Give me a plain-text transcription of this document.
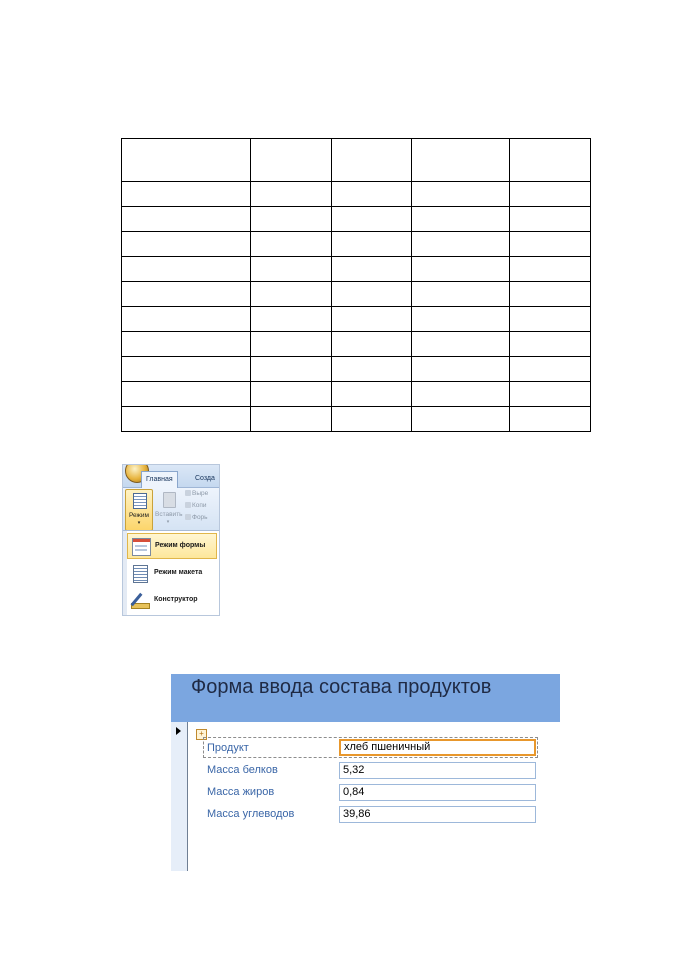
Главная	Созда
Режим
▾
Вставить
▾
Выре
Копи
Форь
Режим формы
Режим макета
Конструктор
Форма ввода состава продуктов
+
Продукт	хлеб пшеничный
Масса белков	5,32
Масса жиров	0,84
Масса углеводов	39,86
